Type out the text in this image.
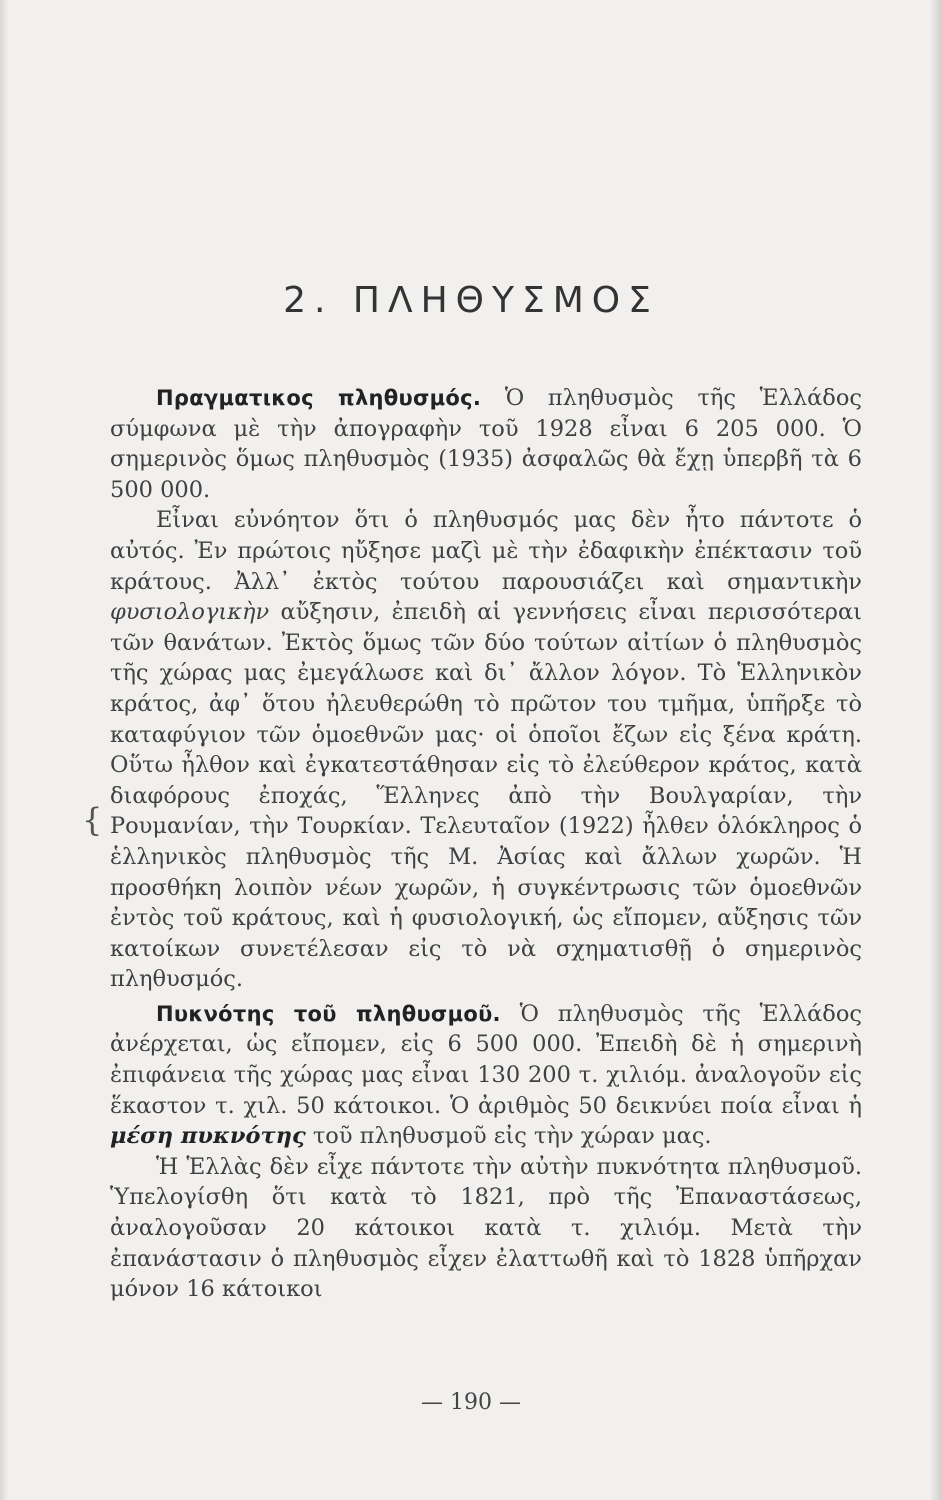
2. ΠΛΗΘΥΣΜΟΣ
{

Πραγματικος πληθυσμός. Ὁ πληθυσμὸς τῆς Ἑλλάδος σύμφωνα μὲ τὴν ἀπογραφὴν τοῦ 1928 εἶναι 6 205 000. Ὁ σημερινὸς ὅμως πληθυσμὸς (1935) ἀσφαλῶς θὰ ἔχῃ ὑπερβῆ τὰ 6 500 000.

Εἶναι εὐνόητον ὅτι ὁ πληθυσμός μας δὲν ἦτο πάντοτε ὁ αὐτός. Ἐν πρώτοις ηὔξησε μαζὶ μὲ τὴν ἐδαφικὴν ἐπέκτασιν τοῦ κράτους. Ἀλλ᾽ ἐκτὸς τούτου παρουσιάζει καὶ σημαντικὴν φυσιολογικὴν αὔξησιν, ἐπειδὴ αἱ γεννήσεις εἶναι περισσότεραι τῶν θανάτων. Ἐκτὸς ὅμως τῶν δύο τούτων αἰτίων ὁ πληθυσμὸς τῆς χώρας μας ἐμεγάλωσε καὶ δι᾽ ἄλλον λόγον. Τὸ Ἑλληνικὸν κράτος, ἀφ᾽ ὅτου ἠλευθερώθη τὸ πρῶτον του τμῆμα, ὑπῆρξε τὸ καταφύγιον τῶν ὁμοεθνῶν μας· οἱ ὁποῖοι ἔζων εἰς ξένα κράτη. Οὕτω ἦλθον καὶ ἐγκατεστάθησαν εἰς τὸ ἐλεύθερον κράτος, κατὰ διαφόρους ἐποχάς, Ἕλληνες ἀπὸ τὴν Βουλγαρίαν, τὴν Ρουμανίαν, τὴν Τουρκίαν. Τελευταῖον (1922) ἦλθεν ὁλόκληρος ὁ ἑλληνικὸς πληθυσμὸς τῆς Μ. Ἀσίας καὶ ἄλλων χωρῶν. Ἡ προσθήκη λοιπὸν νέων χωρῶν, ἡ συγκέντρωσις τῶν ὁμοεθνῶν ἐντὸς τοῦ κράτους, καὶ ἡ φυσιολογική, ὡς εἴπομεν, αὔξησις τῶν κατοίκων συνετέλεσαν εἰς τὸ νὰ σχηματισθῇ ὁ σημερινὸς πληθυσμός.

Πυκνότης τοῦ πληθυσμοῦ. Ὁ πληθυσμὸς τῆς Ἑλλάδος ἀνέρχεται, ὡς εἴπομεν, εἰς 6 500 000. Ἐπειδὴ δὲ ἡ σημερινὴ ἐπιφάνεια τῆς χώρας μας εἶναι 130 200 τ. χιλιόμ. ἀναλογοῦν εἰς ἕκαστον τ. χιλ. 50 κάτοικοι. Ὁ ἀριθμὸς 50 δεικνύει ποία εἶναι ἡ μέση πυκνότης τοῦ πληθυσμοῦ εἰς τὴν χώραν μας.

Ἡ Ἑλλὰς δὲν εἶχε πάντοτε τὴν αὐτὴν πυκνότητα πληθυσμοῦ. Ὑπελογίσθη ὅτι κατὰ τὸ 1821, πρὸ τῆς Ἐπαναστάσεως, ἀναλογοῦσαν 20 κάτοικοι κατὰ τ. χιλιόμ. Μετὰ τὴν ἐπανάστασιν ὁ πληθυσμὸς εἶχεν ἐλαττωθῆ καὶ τὸ 1828 ὑπῆρχαν μόνον 16 κάτοικοι

— 190 —
